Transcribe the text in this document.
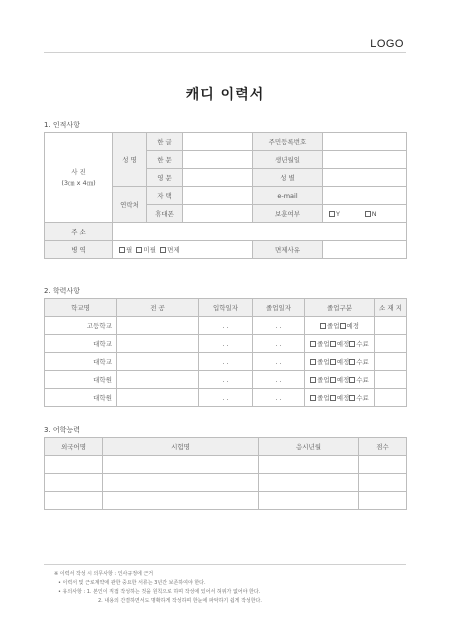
LOGO
캐디 이력서
1. 인적사항
사 진
(3㎝ x 4㎝)	성 명	한 글		주민등록번호	
		한 문		생년월일	
		영 문		성 별	
	연락처	자 택		e-mail	
		휴대폰		보훈여부	Y N
주 소					
병 역	필 미필 면제			면제사유	
2. 학력사항
학교명	전 공	입학일자	졸업일자	졸업구분	소 재 지
고등학교		. .	. .	졸업 예정	
대학교		. .	. .	졸업 예정 수료	
대학교		. .	. .	졸업 예정 수료	
대학원		. .	. .	졸업 예정 수료	
대학원		. .	. .	졸업 예정 수료	
3. 어학능력
외국어명	시험명	응시년월	점수

※ 이력서 작성 시 의무사항 : 인사규정에 근거
• 이력서 및 근로계약에 관한 중요한 서류는 3년간 보존하여야 한다.
• 유의사항 : 1. 본인이 직접 작성하는 것을 원칙으로 하며 작성에 있어서 허위가 없어야 한다.
2. 내용의 간결하면서도 명확하게 작성하며 한눈에 파악하기 쉽게 작성한다.
